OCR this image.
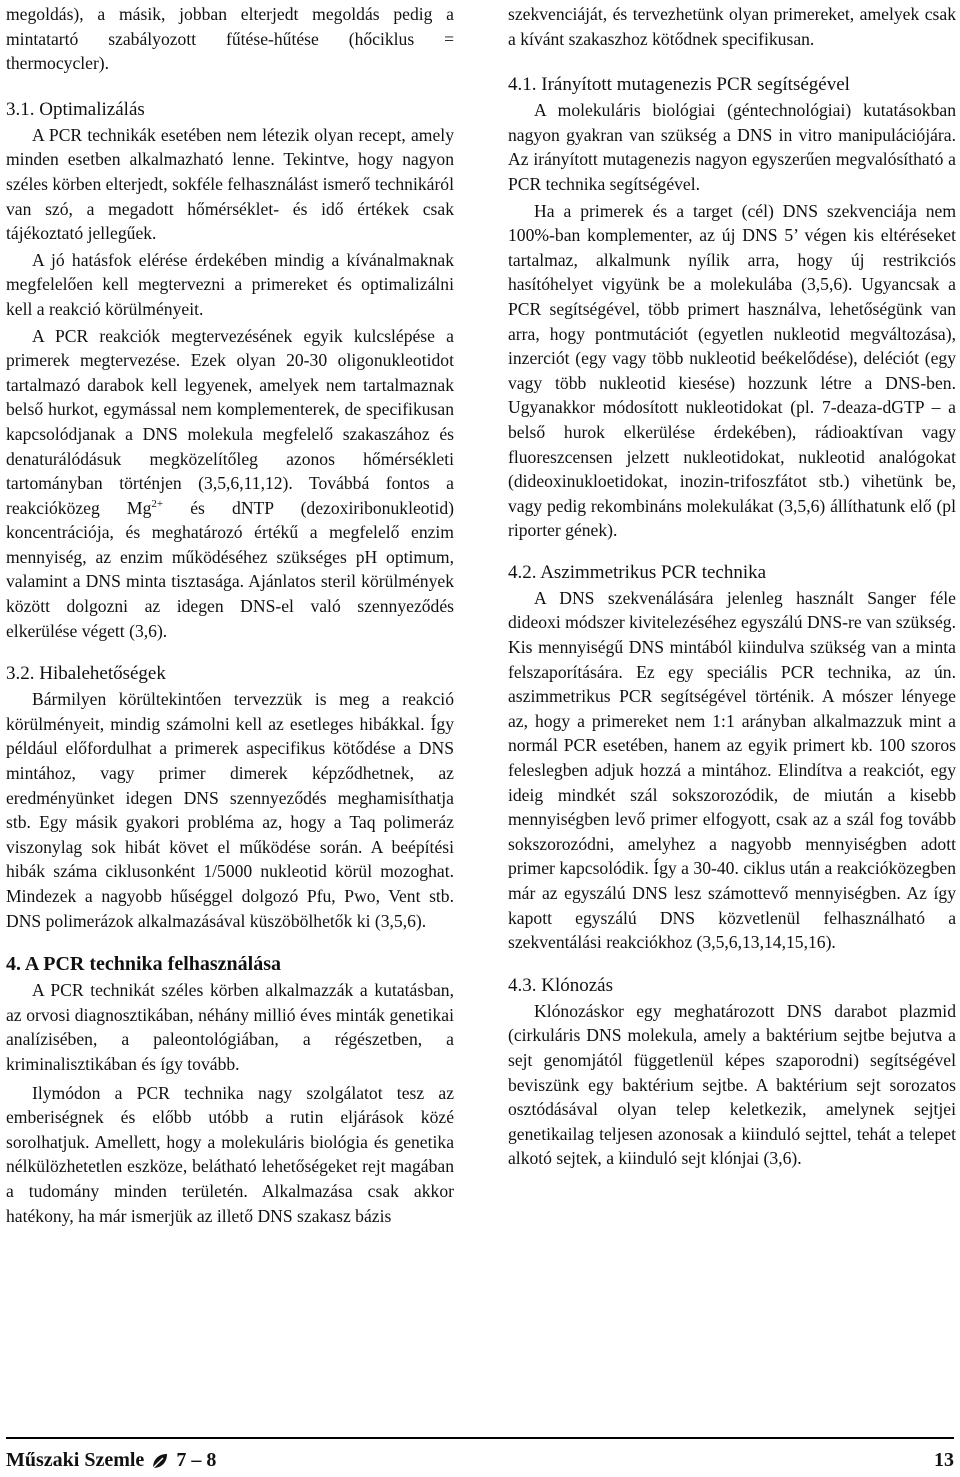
megoldás), a másik, jobban elterjedt megoldás pedig a mintatartó szabályozott fűtése-hűtése (hőciklus = thermocycler).

3.1. Optimalizálás

A PCR technikák esetében nem létezik olyan recept, amely minden esetben alkalmazható lenne. Tekintve, hogy nagyon széles körben elterjedt, sokféle felhasználást ismerő technikáról van szó, a megadott hőmérséklet- és idő értékek csak tájékoztató jellegűek.

A jó hatásfok elérése érdekében mindig a kívánalmaknak megfelelően kell megtervezni a primereket és optimalizálni kell a reakció körülményeit.

A PCR reakciók megtervezésének egyik kulcslépése a primerek megtervezése. Ezek olyan 20-30 oligonukleotidot tartalmazó darabok kell legyenek, amelyek nem tartalmaznak belső hurkot, egymással nem komplementerek, de specifikusan kapcsolódjanak a DNS molekula megfelelő szakaszához és denaturálódásuk megközelítőleg azonos hőmérsékleti tartományban történjen (3,5,6,11,12). Továbbá fontos a reakcióközeg $Mg^{2+}$ és dNTP (dezoxiribonukleotid) koncentrációja, és meghatározó értékű a megfelelő enzim mennyiség, az enzim működéséhez szükséges pH optimum, valamint a DNS minta tisztasága. Ajánlatos steril körülmények között dolgozni az idegen DNS-el való szennyeződés elkerülése végett (3,6).

3.2. Hibalehetőségek

Bármilyen körültekintően tervezzük is meg a reakció körülményeit, mindig számolni kell az esetleges hibákkal. Így például előfordulhat a primerek aspecifikus kötődése a DNS mintához, vagy primer dimerek képződhetnek, az eredményünket idegen DNS szennyeződés meghamisíthatja stb. Egy másik gyakori probléma az, hogy a Taq polimeráz viszonylag sok hibát követ el működése során. A beépítési hibák száma ciklusonként 1/5000 nukleotid körül mozoghat. Mindezek a nagyobb hűséggel dolgozó Pfu, Pwo, Vent stb. DNS polimerázok alkalmazásával küszöbölhetők ki (3,5,6).

4. A PCR technika felhasználása

A PCR technikát széles körben alkalmazzák a kutatásban, az orvosi diagnosztikában, néhány millió éves minták genetikai analízisében, a paleontológiában, a régészetben, a kriminalisztikában és így tovább.

Ilymódon a PCR technika nagy szolgálatot tesz az emberiségnek és előbb utóbb a rutin eljárások közé sorolhatjuk. Amellett, hogy a molekuláris biológia és genetika nélkülözhetetlen eszköze, belátható lehetőségeket rejt magában a tudomány minden területén. Alkalmazása csak akkor hatékony, ha már ismerjük az illető DNS szakasz bázis

szekvenciáját, és tervezhetünk olyan primereket, amelyek csak a kívánt szakaszhoz kötődnek specifikusan.

4.1. Irányított mutagenezis PCR segítségével

A molekuláris biológiai (géntechnológiai) kutatásokban nagyon gyakran van szükség a DNS in vitro manipulációjára. Az irányított mutagenezis nagyon egyszerűen megvalósítható a PCR technika segítségével.

Ha a primerek és a target (cél) DNS szekvenciája nem 100%-ban komplementer, az új DNS 5’ végen kis eltéréseket tartalmaz, alkalmunk nyílik arra, hogy új restrikciós hasítóhelyet vigyünk be a molekulába (3,5,6). Ugyancsak a PCR segítségével, több primert használva, lehetőségünk van arra, hogy pontmutációt (egyetlen nukleotid megváltozása), inzerciót (egy vagy több nukleotid beékelődése), deléciót (egy vagy több nukleotid kiesése) hozzunk létre a DNS-ben. Ugyanakkor módosított nukleotidokat (pl. 7-deaza-dGTP – a belső hurok elkerülése érdekében), rádioaktívan vagy fluoreszcensen jelzett nukleotidokat, nukleotid analógokat (dideoxinukloetidokat, inozin-trifoszfátot stb.) vihetünk be, vagy pedig rekombináns molekulákat (3,5,6) állíthatunk elő (pl riporter gének).

4.2. Aszimmetrikus PCR technika

A DNS szekvenálására jelenleg használt Sanger féle dideoxi módszer kivitelezéséhez egyszálú DNS-re van szükség. Kis mennyiségű DNS mintából kiindulva szükség van a minta felszaporítására. Ez egy speciális PCR technika, az ún. aszimmetrikus PCR segítségével történik. A mószer lényege az, hogy a primereket nem 1:1 arányban alkalmazzuk mint a normál PCR esetében, hanem az egyik primert kb. 100 szoros feleslegben adjuk hozzá a mintához. Elindítva a reakciót, egy ideig mindkét szál sokszorozódik, de miután a kisebb mennyiségben levő primer elfogyott, csak az a szál fog tovább sokszorozódni, amelyhez a nagyobb mennyiségben adott primer kapcsolódik. Így a 30-40. ciklus után a reakcióközegben már az egyszálú DNS lesz számottevő mennyiségben. Az így kapott egyszálú DNS közvetlenül felhasználható a szekventálási reakciókhoz (3,5,6,13,14,15,16).

4.3. Klónozás

Klónozáskor egy meghatározott DNS darabot plazmid (cirkuláris DNS molekula, amely a baktérium sejtbe bejutva a sejt genomjától függetlenül képes szaporodni) segítségével beviszünk egy baktérium sejtbe. A baktérium sejt sorozatos osztódásával olyan telep keletkezik, amelynek sejtjei genetikailag teljesen azonosak a kiinduló sejttel, tehát a telepet alkotó sejtek, a kiinduló sejt klónjai (3,6).

Műszaki Szemle 7 – 8	13
